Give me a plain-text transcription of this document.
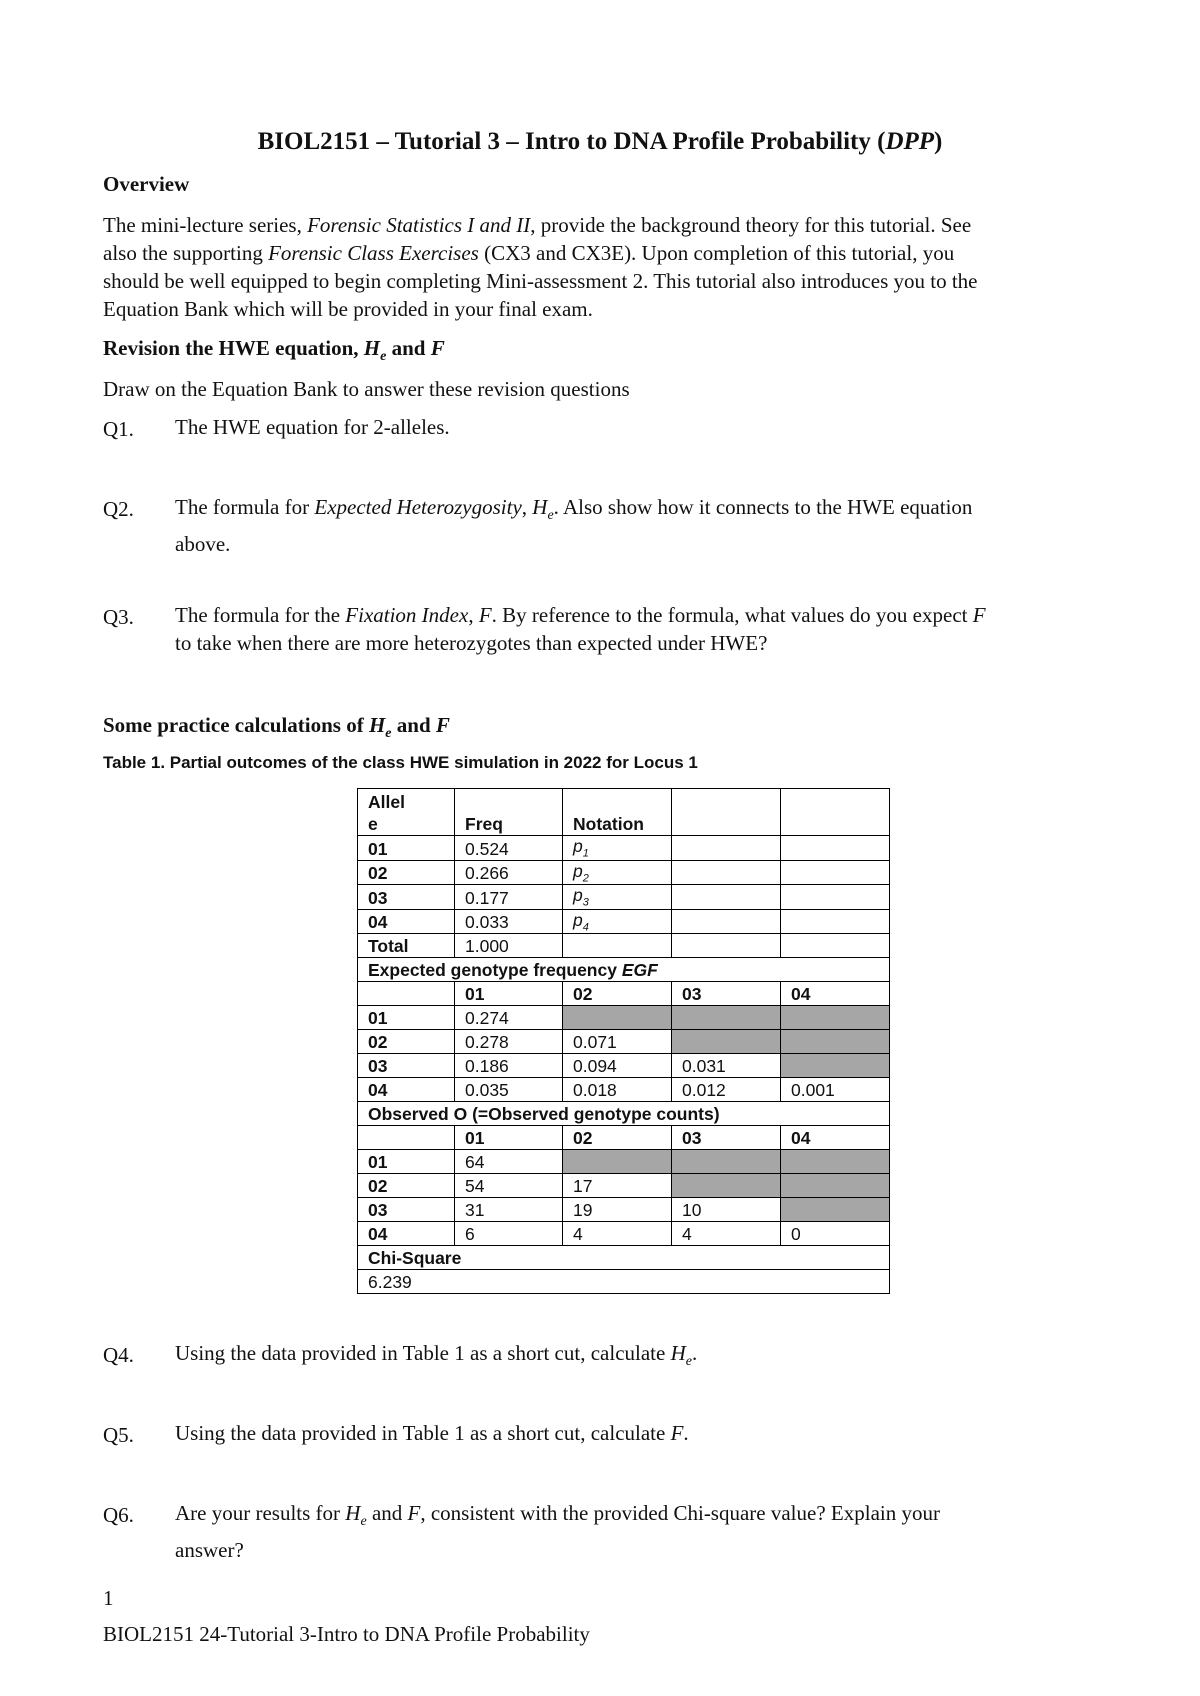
BIOL2151 – Tutorial 3 – Intro to DNA Profile Probability (DPP)
Overview
The mini-lecture series, Forensic Statistics I and II, provide the background theory for this tutorial. See
also the supporting Forensic Class Exercises (CX3 and CX3E). Upon completion of this tutorial, you
should be well equipped to begin completing Mini-assessment 2. This tutorial also introduces you to the
Equation Bank which will be provided in your final exam.
Revision the HWE equation, $H_e$ and F
Draw on the Equation Bank to answer these revision questions
Q1. The HWE equation for 2-alleles.
Q2. The formula for Expected Heterozygosity, $H_e$. Also show how it connects to the HWE equation
above.
Q3. The formula for the Fixation Index, F. By reference to the formula, what values do you expect F
to take when there are more heterozygotes than expected under HWE?
Some practice calculations of $H_e$ and F
Table 1. Partial outcomes of the class HWE simulation in 2022 for Locus 1
Allel
e	Freq	Notation		
01	0.524	$p_1$		
02	0.266	$p_2$		
03	0.177	$p_3$		
04	0.033	$p_4$		
Total	1.000			
Expected genotype frequency EGF				
	01	02	03	04
01	0.274			
02	0.278	0.071		
03	0.186	0.094	0.031	
04	0.035	0.018	0.012	0.001
Observed O (=Observed genotype counts)				
	01	02	03	04
01	64			
02	54	17		
03	31	19	10	
04	6	4	4	0
Chi-Square				
6.239				
Q4. Using the data provided in Table 1 as a short cut, calculate $H_e$.
Q5. Using the data provided in Table 1 as a short cut, calculate F.
Q6. Are your results for $H_e$ and F, consistent with the provided Chi-square value? Explain your
answer?
1
BIOL2151 24-Tutorial 3-Intro to DNA Profile Probability
